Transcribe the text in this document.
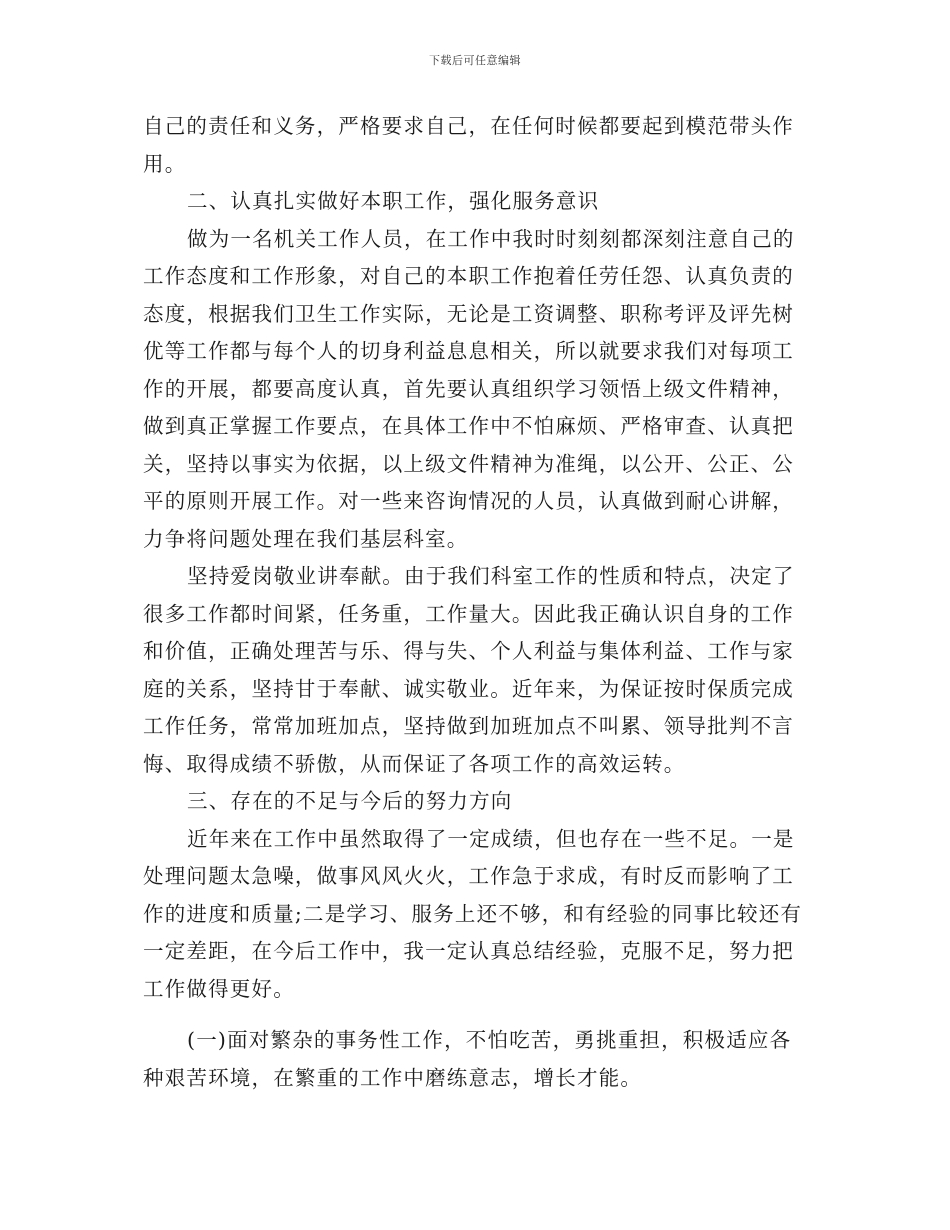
下载后可任意编辑
自己的责任和义务，严格要求自己，在任何时候都要起到模范带头作
用。
二、认真扎实做好本职工作，强化服务意识
做为一名机关工作人员，在工作中我时时刻刻都深刻注意自己的
工作态度和工作形象，对自己的本职工作抱着任劳任怨、认真负责的
态度，根据我们卫生工作实际，无论是工资调整、职称考评及评先树
优等工作都与每个人的切身利益息息相关，所以就要求我们对每项工
作的开展，都要高度认真，首先要认真组织学习领悟上级文件精神，
做到真正掌握工作要点，在具体工作中不怕麻烦、严格审查、认真把
关，坚持以事实为依据，以上级文件精神为准绳，以公开、公正、公
平的原则开展工作。对一些来咨询情况的人员，认真做到耐心讲解，
力争将问题处理在我们基层科室。
坚持爱岗敬业讲奉献。由于我们科室工作的性质和特点，决定了
很多工作都时间紧，任务重，工作量大。因此我正确认识自身的工作
和价值，正确处理苦与乐、得与失、个人利益与集体利益、工作与家
庭的关系，坚持甘于奉献、诚实敬业。近年来，为保证按时保质完成
工作任务，常常加班加点，坚持做到加班加点不叫累、领导批判不言
悔、取得成绩不骄傲，从而保证了各项工作的高效运转。
三、存在的不足与今后的努力方向
近年来在工作中虽然取得了一定成绩，但也存在一些不足。一是
处理问题太急噪，做事风风火火，工作急于求成，有时反而影响了工
作的进度和质量;二是学习、服务上还不够，和有经验的同事比较还有
一定差距，在今后工作中，我一定认真总结经验，克服不足，努力把
工作做得更好。
(一)面对繁杂的事务性工作，不怕吃苦，勇挑重担，积极适应各
种艰苦环境，在繁重的工作中磨练意志，增长才能。
